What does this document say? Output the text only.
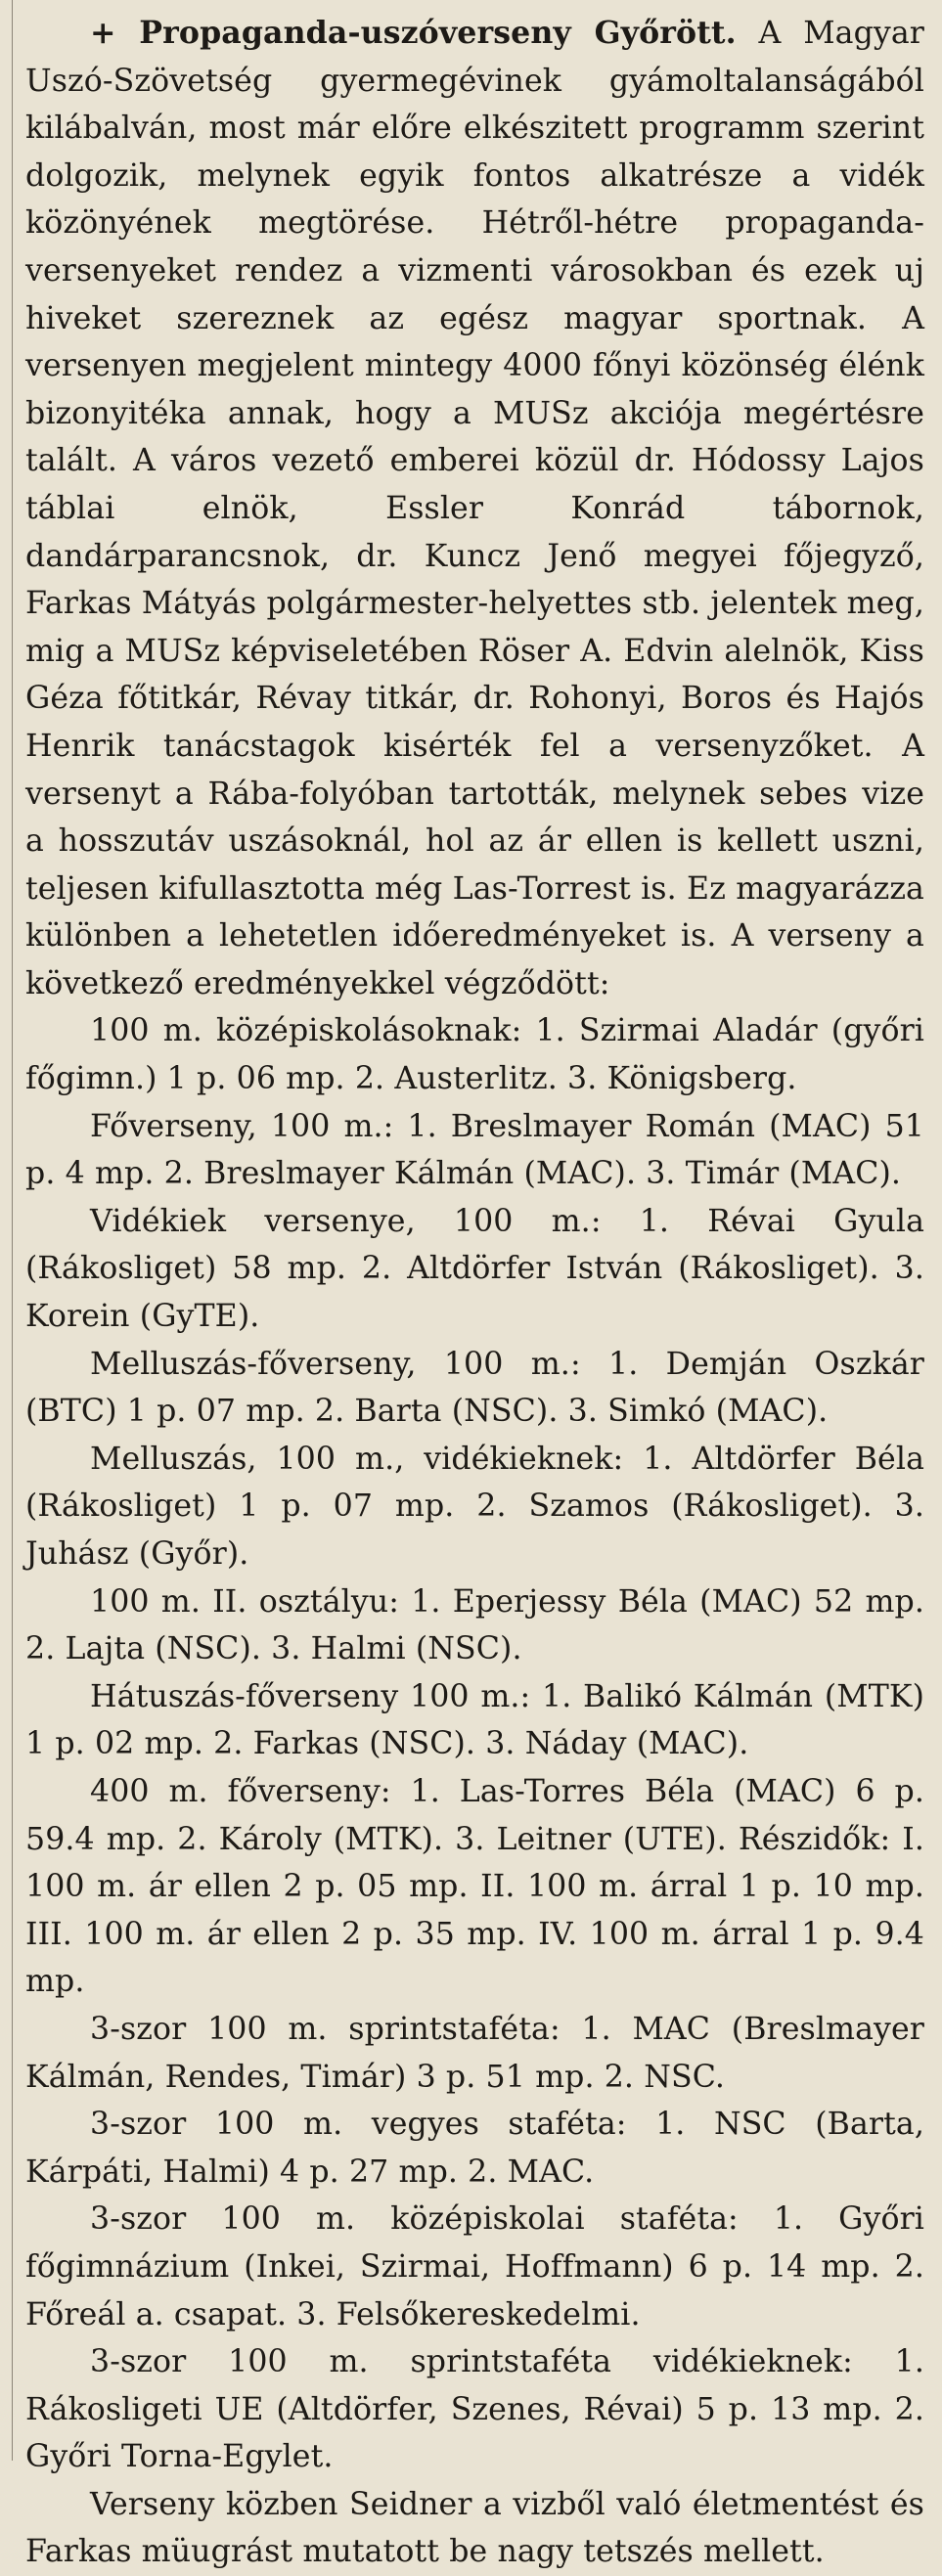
+ Propaganda-uszóverseny Győrött. A Magyar Uszó-Szövetség gyermegévinek gyámoltalanságából kilábalván, most már előre elkészitett programm szerint dolgozik, melynek egyik fontos alkatrésze a vidék közönyének megtörése. Hétről-hétre propaganda-versenyeket rendez a vizmenti városokban és ezek uj hiveket szereznek az egész magyar sportnak. A versenyen megjelent mintegy 4000 főnyi közönség élénk bizonyitéka annak, hogy a MUSz akciója megértésre talált. A város vezető emberei közül dr. Hódossy Lajos táblai elnök, Essler Konrád tábornok, dandárparancsnok, dr. Kuncz Jenő megyei főjegyző, Farkas Mátyás polgármester-helyettes stb. jelentek meg, mig a MUSz képviseletében Röser A. Edvin alelnök, Kiss Géza főtitkár, Révay titkár, dr. Rohonyi, Boros és Hajós Henrik tanácstagok kisérték fel a versenyzőket. A versenyt a Rába-folyóban tartották, melynek sebes vize a hosszutáv uszásoknál, hol az ár ellen is kellett uszni, teljesen kifullasztotta még Las-Torrest is. Ez magyarázza különben a lehetetlen időeredményeket is. A verseny a következő eredményekkel végződött:

100 m. középiskolásoknak: 1. Szirmai Aladár (győri főgimn.) 1 p. 06 mp. 2. Austerlitz. 3. Königsberg.

Főverseny, 100 m.: 1. Breslmayer Román (MAC) 51 p. 4 mp. 2. Breslmayer Kálmán (MAC). 3. Timár (MAC).

Vidékiek versenye, 100 m.: 1. Révai Gyula (Rákosliget) 58 mp. 2. Altdörfer István (Rákosliget). 3. Korein (GyTE).

Melluszás-főverseny, 100 m.: 1. Demján Oszkár (BTC) 1 p. 07 mp. 2. Barta (NSC). 3. Simkó (MAC).

Melluszás, 100 m., vidékieknek: 1. Altdörfer Béla (Rákosliget) 1 p. 07 mp. 2. Szamos (Rákosliget). 3. Juhász (Győr).

100 m. II. osztályu: 1. Eperjessy Béla (MAC) 52 mp. 2. Lajta (NSC). 3. Halmi (NSC).

Hátuszás-főverseny 100 m.: 1. Balikó Kálmán (MTK) 1 p. 02 mp. 2. Farkas (NSC). 3. Náday (MAC).

400 m. főverseny: 1. Las-Torres Béla (MAC) 6 p. 59.4 mp. 2. Károly (MTK). 3. Leitner (UTE). Részidők: I. 100 m. ár ellen 2 p. 05 mp. II. 100 m. árral 1 p. 10 mp. III. 100 m. ár ellen 2 p. 35 mp. IV. 100 m. árral 1 p. 9.4 mp.

3-szor 100 m. sprintstaféta: 1. MAC (Breslmayer Kálmán, Rendes, Timár) 3 p. 51 mp. 2. NSC.

3-szor 100 m. vegyes staféta: 1. NSC (Barta, Kárpáti, Halmi) 4 p. 27 mp. 2. MAC.

3-szor 100 m. középiskolai staféta: 1. Győri főgimnázium (Inkei, Szirmai, Hoffmann) 6 p. 14 mp. 2. Főreál a. csapat. 3. Felsőkereskedelmi.

3-szor 100 m. sprintstaféta vidékieknek: 1. Rákosligeti UE (Altdörfer, Szenes, Révai) 5 p. 13 mp. 2. Győri Torna-Egylet.

Verseny közben Seidner a vizből való életmentést és Farkas müugrást mutatott be nagy tetszés mellett.
